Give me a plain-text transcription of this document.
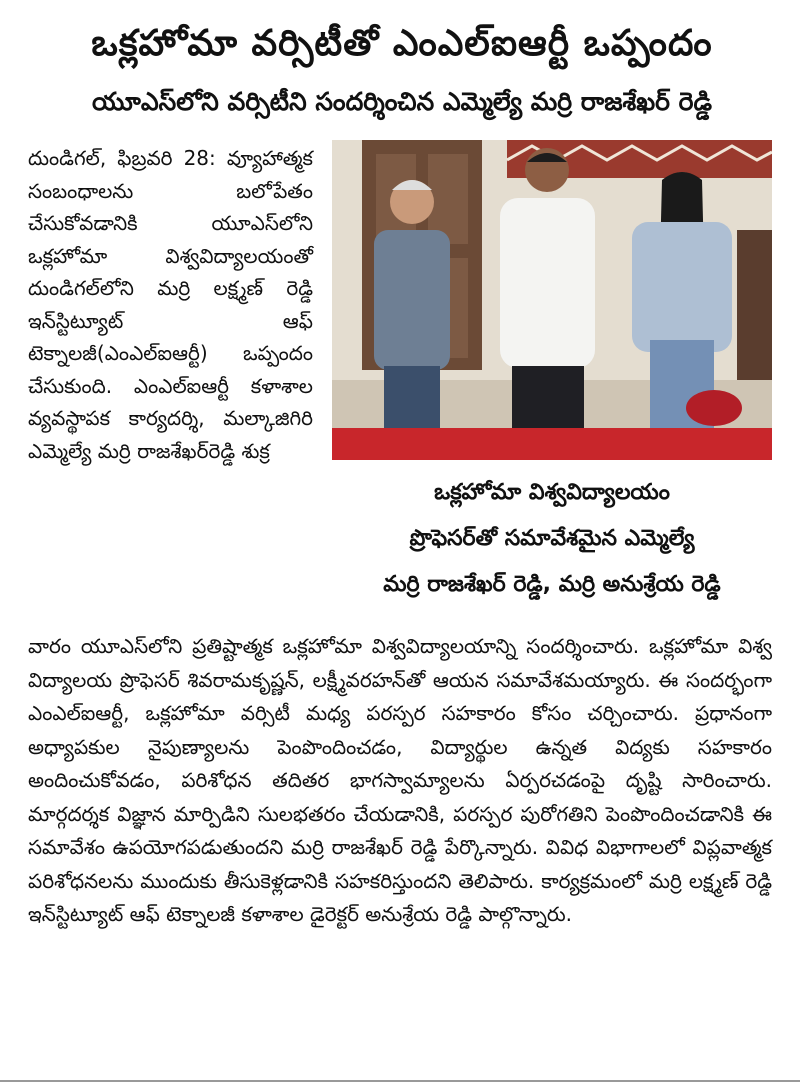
ఒక్లహోమా వర్సిటీతో ఎంఎల్ఐఆర్టీ ఒప్పందం
యూఎస్‌లోని వర్సిటీని సందర్శించిన ఎమ్మెల్యే మర్రి రాజశేఖర్ రెడ్డి

దుండిగల్, ఫిబ్రవరి 28: వ్యూహాత్మక సంబంధాలను బలోపేతం చేసుకోవడానికి యూఎస్‌లోని ఒక్లహోమా విశ్వవిద్యాలయంతో దుండిగల్‌లోని మర్రి లక్ష్మణ్ రెడ్డి ఇన్‌స్టిట్యూట్ ఆఫ్ టెక్నాలజీ(ఎంఎల్ఐఆర్టీ) ఒప్పందం చేసుకుంది. ఎంఎల్ఐఆర్టీ కళాశాల వ్యవస్థాపక కార్యదర్శి, మల్కాజిగిరి ఎమ్మెల్యే మర్రి రాజశేఖర్‌రెడ్డి శుక్ర

ఒక్లహోమా విశ్వవిద్యాలయం
ప్రొఫెసర్‌తో సమావేశమైన ఎమ్మెల్యే
మర్రి రాజశేఖర్ రెడ్డి, మర్రి అనుశ్రేయ రెడ్డి

వారం యూఎస్‌లోని ప్రతిష్టాత్మక ఒక్లహోమా విశ్వవిద్యాలయాన్ని సందర్శించారు. ఒక్లహోమా విశ్వ విద్యాలయ ప్రొఫెసర్ శివరామకృష్ణన్, లక్ష్మీవరహన్‌తో ఆయన సమావేశమయ్యారు. ఈ సందర్భంగా ఎంఎల్ఐఆర్టీ, ఒక్లహోమా వర్సిటీ మధ్య పరస్పర సహకారం కోసం చర్చించారు. ప్రధానంగా అధ్యాపకుల నైపుణ్యాలను పెంపొందించడం, విద్యార్థుల ఉన్నత విద్యకు సహకారం అందించుకోవడం, పరిశోధన తదితర భాగస్వామ్యాలను ఏర్పరచడంపై దృష్టి సారించారు. మార్గదర్శక విజ్ఞాన మార్పిడిని సులభతరం చేయడానికి, పరస్పర పురోగతిని పెంపొందించడానికి ఈ సమావేశం ఉపయోగపడుతుందని మర్రి రాజశేఖర్ రెడ్డి పేర్కొన్నారు. వివిధ విభాగాలలో విప్లవాత్మక పరిశోధనలను ముందుకు తీసుకెళ్లడానికి సహకరిస్తుందని తెలిపారు. కార్యక్రమంలో మర్రి లక్ష్మణ్ రెడ్డి ఇన్‌స్టిట్యూట్ ఆఫ్ టెక్నాలజీ కళాశాల డైరెక్టర్ అనుశ్రేయ రెడ్డి పాల్గొన్నారు.
